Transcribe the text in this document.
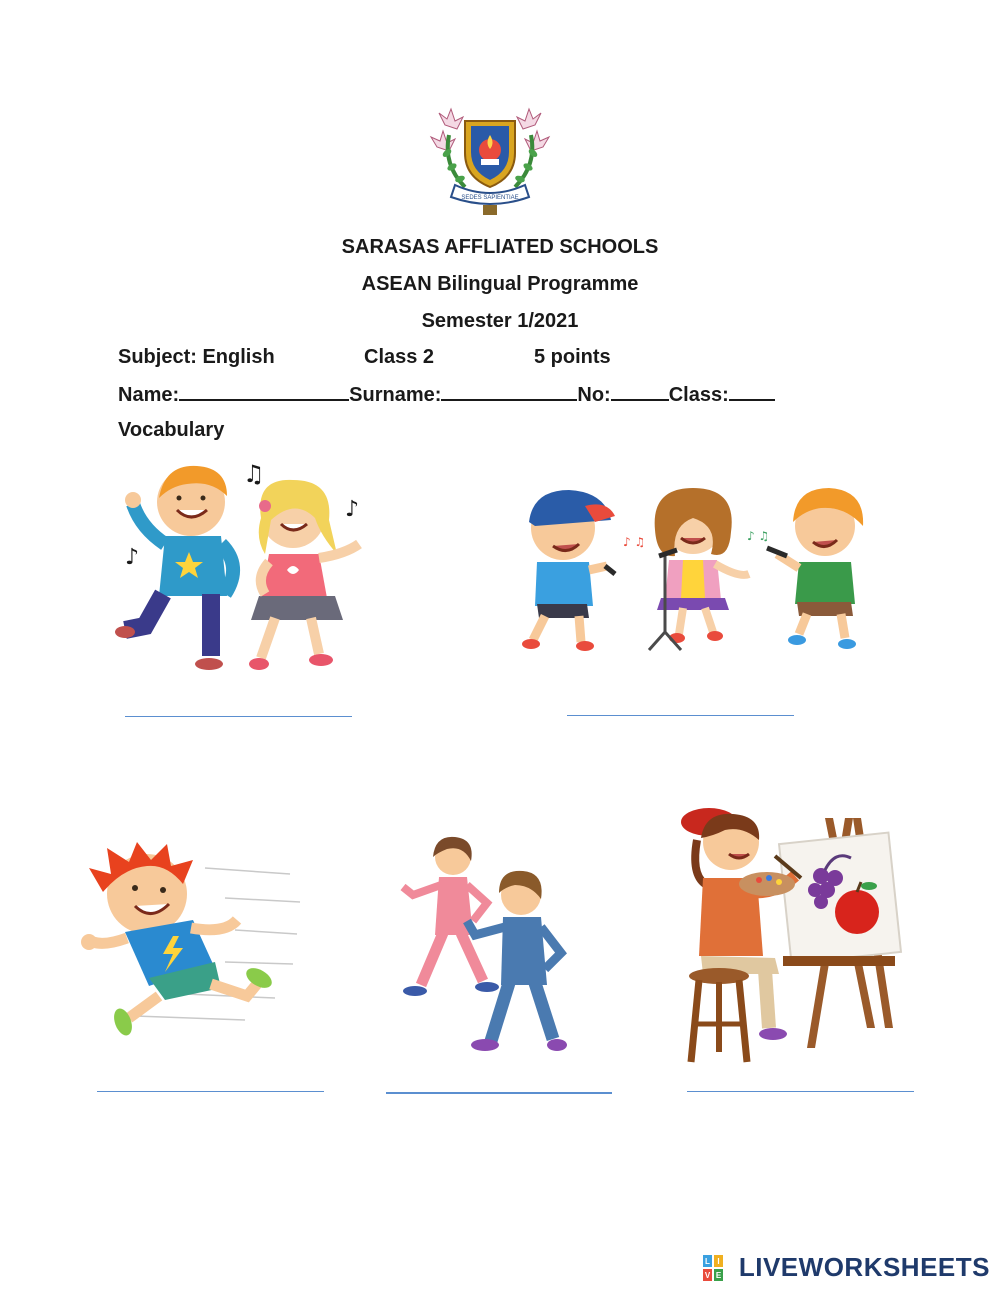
SEDES SAPIENTIAE
SARASAS AFFLIATED SCHOOLS
ASEAN Bilingual Programme
Semester 1/2021
Subject: English	Class 2	5 points
Name:	Surname:	No:	Class:
Vocabulary
♫
♪
♪
♪ ♫	♪ ♫
L I
V E LIVEWORKSHEETS
